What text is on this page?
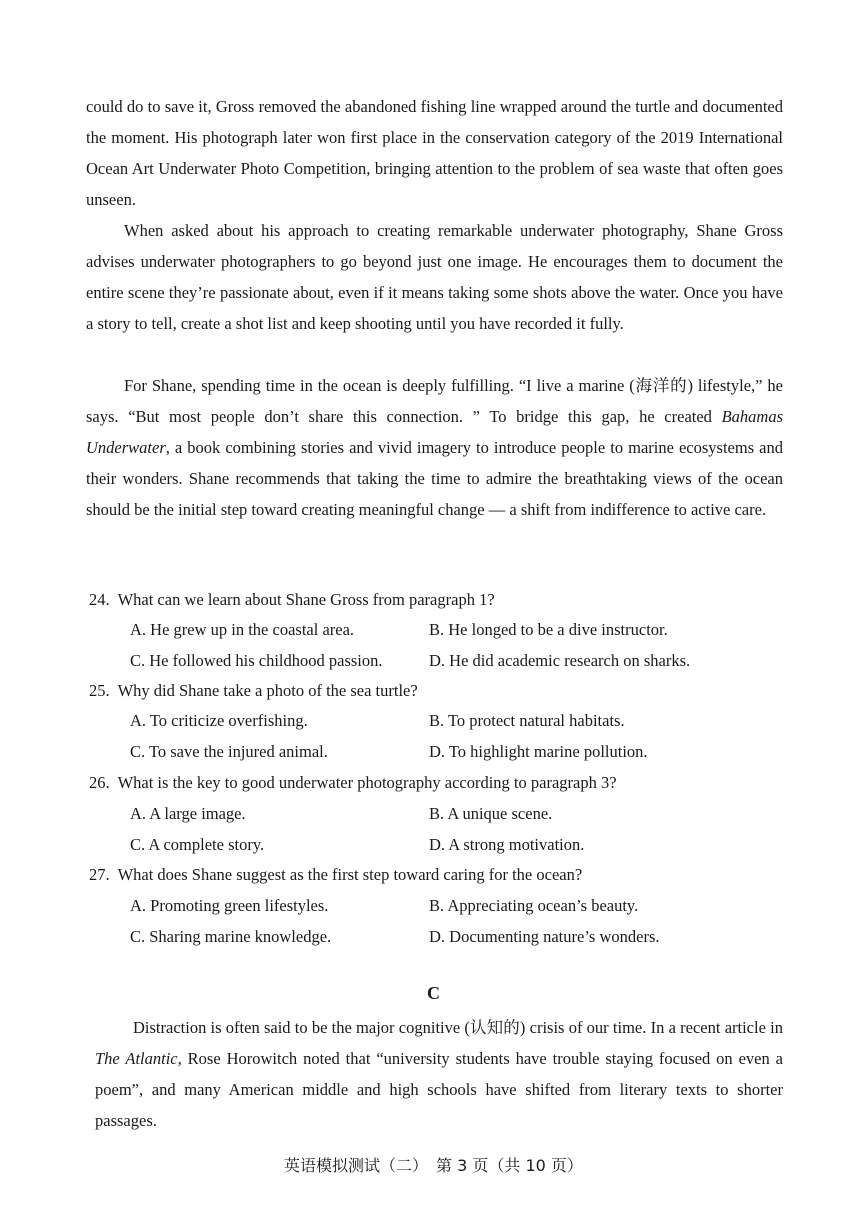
could do to save it, Gross removed the abandoned fishing line wrapped around the turtle and documented the moment. His photograph later won first place in the conservation category of the 2019 International Ocean Art Underwater Photo Competition, bringing attention to the problem of sea waste that often goes unseen.

When asked about his approach to creating remarkable underwater photography, Shane Gross advises underwater photographers to go beyond just one image. He encourages them to document the entire scene they’re passionate about, even if it means taking some shots above the water. Once you have a story to tell, create a shot list and keep shooting until you have recorded it fully.

For Shane, spending time in the ocean is deeply fulfilling. “I live a marine (海洋的) lifestyle,” he says. “But most people don’t share this connection. ” To bridge this gap, he created Bahamas Underwater, a book combining stories and vivid imagery to introduce people to marine ecosystems and their wonders. Shane recommends that taking the time to admire the breathtaking views of the ocean should be the initial step toward creating meaningful change — a shift from indifference to active care.

24. What can we learn about Shane Gross from paragraph 1?
A. He grew up in the coastal area.	B. He longed to be a dive instructor.
C. He followed his childhood passion.	D. He did academic research on sharks.
25. Why did Shane take a photo of the sea turtle?
A. To criticize overfishing.	B. To protect natural habitats.
C. To save the injured animal.	D. To highlight marine pollution.
26. What is the key to good underwater photography according to paragraph 3?
A. A large image.	B. A unique scene.
C. A complete story.	D. A strong motivation.
27. What does Shane suggest as the first step toward caring for the ocean?
A. Promoting green lifestyles.	B. Appreciating ocean’s beauty.
C. Sharing marine knowledge.	D. Documenting nature’s wonders.
C

Distraction is often said to be the major cognitive (认知的) crisis of our time. In a recent article in The Atlantic, Rose Horowitch noted that “university students have trouble staying focused on even a poem”, and many American middle and high schools have shifted from literary texts to shorter passages.

英语模拟测试（二）　第 3 页（共 10 页）
